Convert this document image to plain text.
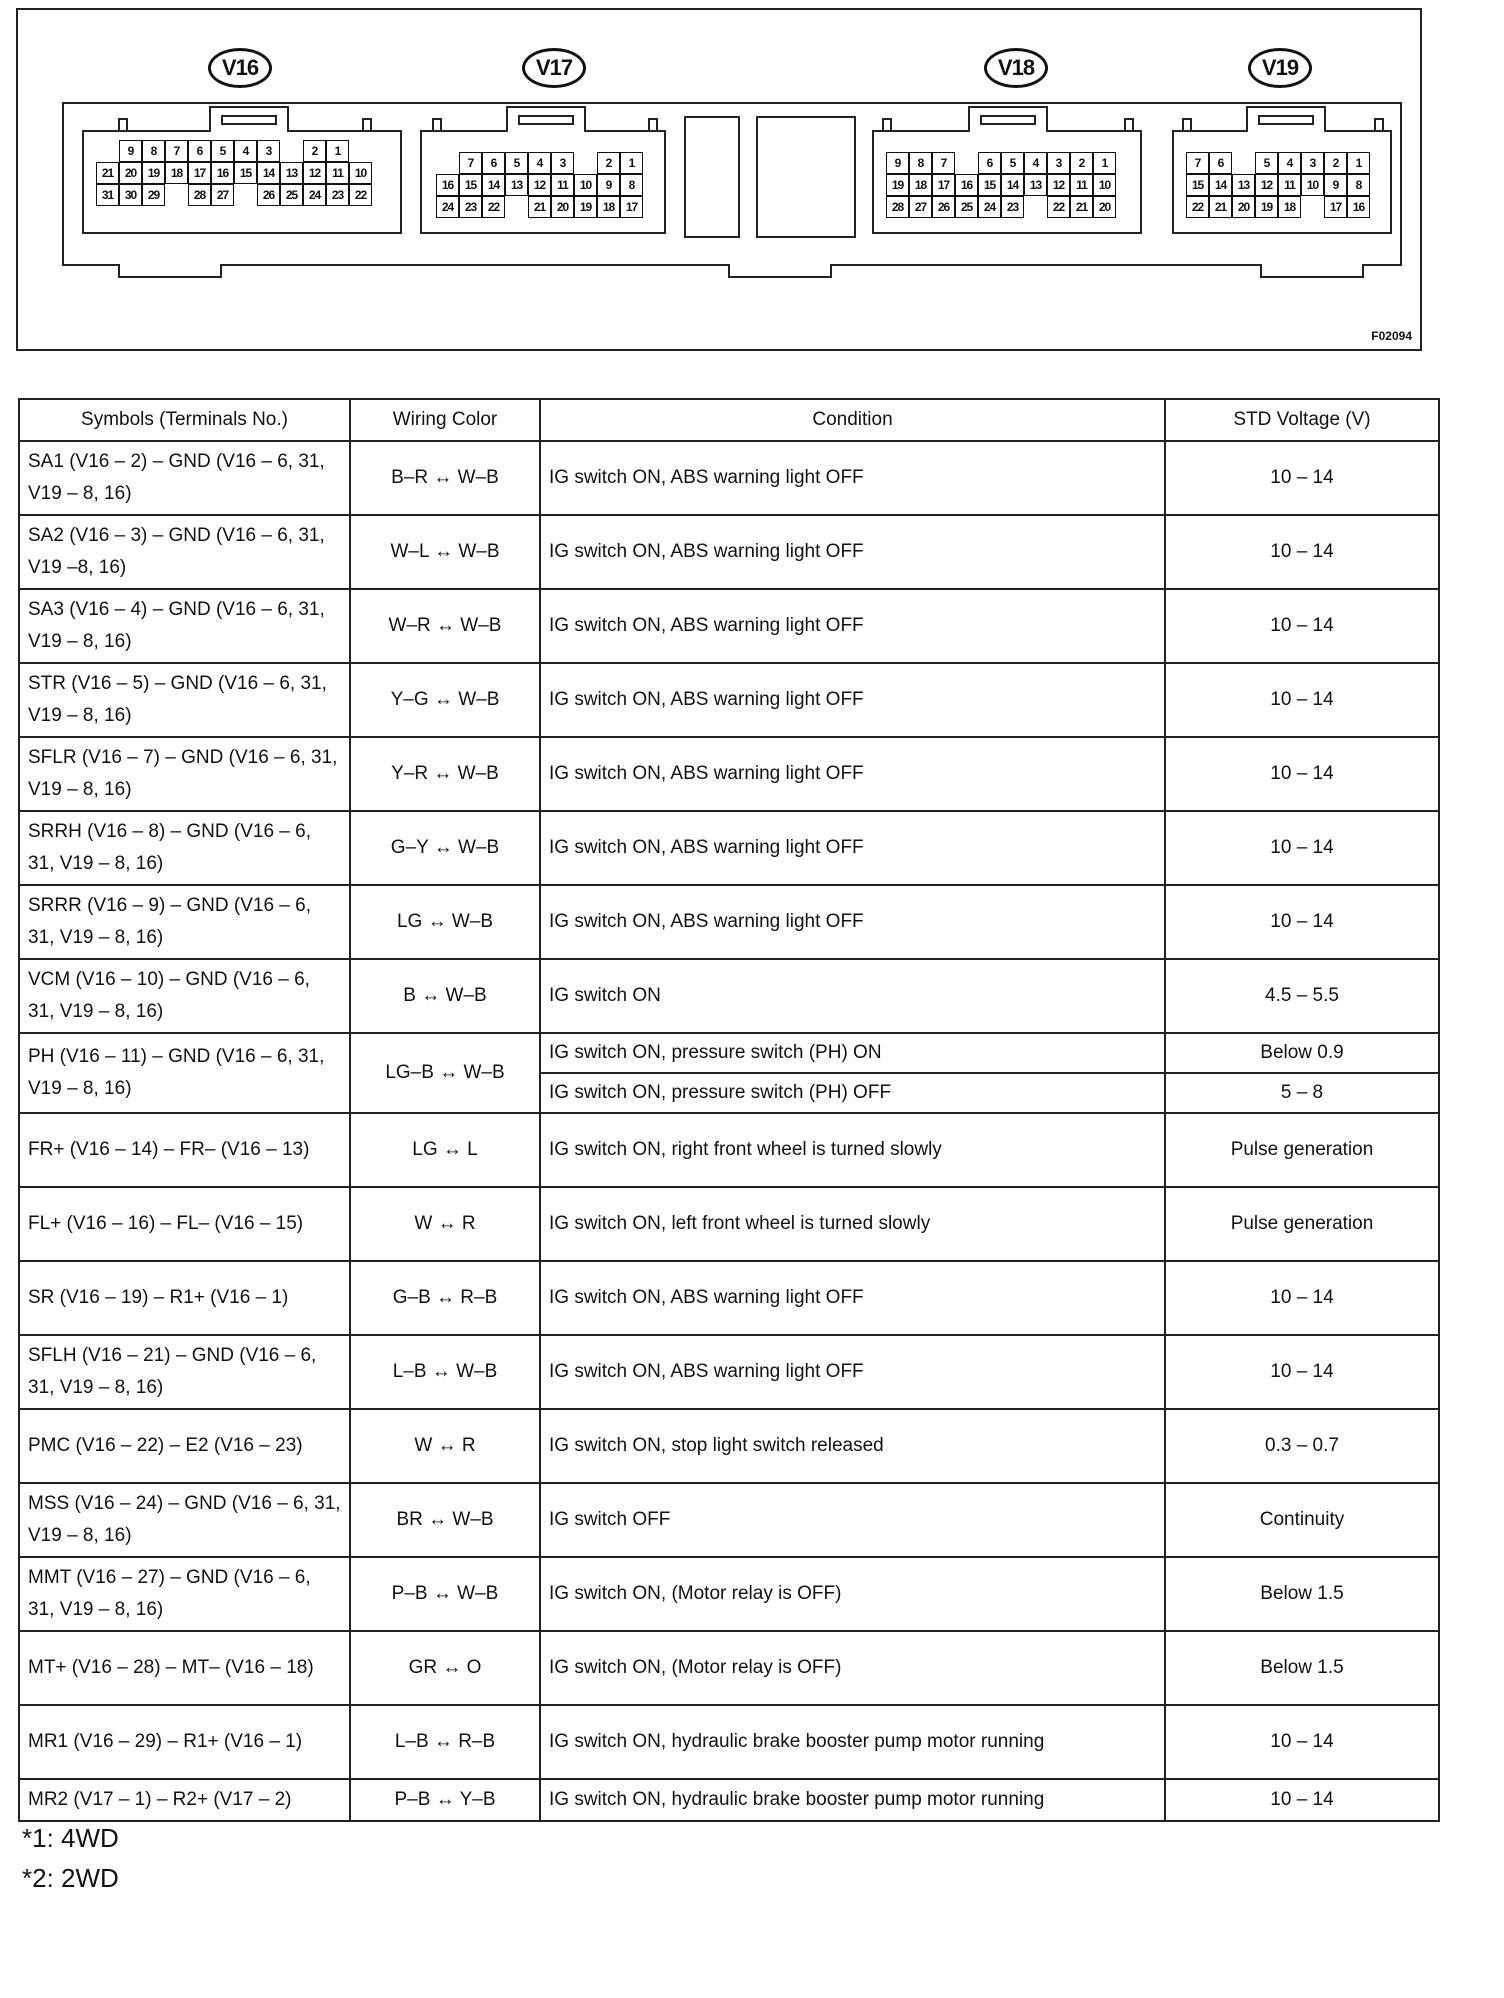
V16	V17	V18	V19
9	8	7	6	5	4	3	2	1
21 20 19 18 17 16 15 14 13 12 11 10
31 30 29	28 27	26 25 24 23 22
7	6	5	4	3	2	1
16 15 14 13 12 11 10	9	8
24 23 22	21 20 19 18 17
9	8	7	6	5	4	3	2	1
19 18 17 16 15 14 13 12 11 10
28 27 26 25 24 23	22 21 20
7	6	5	4	3	2	1
15 14 13 12 11 10	9	8
22 21 20 19 18	17 16
F02094
Symbols (Terminals No.)	Wiring Color	Condition	STD Voltage (V)
SA1 (V16 – 2) – GND (V16 – 6, 31, V19 – 8, 16)	B–R ↔ W–B	IG switch ON, ABS warning light OFF	10 – 14
SA2 (V16 – 3) – GND (V16 – 6, 31, V19 –8, 16)	W–L ↔ W–B	IG switch ON, ABS warning light OFF	10 – 14
SA3 (V16 – 4) – GND (V16 – 6, 31, V19 – 8, 16)	W–R ↔ W–B	IG switch ON, ABS warning light OFF	10 – 14
STR (V16 – 5) – GND (V16 – 6, 31, V19 – 8, 16)	Y–G ↔ W–B	IG switch ON, ABS warning light OFF	10 – 14
SFLR (V16 – 7) – GND (V16 – 6, 31, V19 – 8, 16)	Y–R ↔ W–B	IG switch ON, ABS warning light OFF	10 – 14
SRRH (V16 – 8) – GND (V16 – 6, 31, V19 – 8, 16)	G–Y ↔ W–B	IG switch ON, ABS warning light OFF	10 – 14
SRRR (V16 – 9) – GND (V16 – 6, 31, V19 – 8, 16)	LG ↔ W–B	IG switch ON, ABS warning light OFF	10 – 14
VCM (V16 – 10) – GND (V16 – 6, 31, V19 – 8, 16)	B ↔ W–B	IG switch ON	4.5 – 5.5
PH (V16 – 11) – GND (V16 – 6, 31, V19 – 8, 16)	LG–B ↔ W–B	IG switch ON, pressure switch (PH) ON	Below 0.9
		IG switch ON, pressure switch (PH) OFF	5 – 8
FR+ (V16 – 14) – FR– (V16 – 13)	LG ↔ L	IG switch ON, right front wheel is turned slowly	Pulse generation
FL+ (V16 – 16) – FL– (V16 – 15)	W ↔ R	IG switch ON, left front wheel is turned slowly	Pulse generation
SR (V16 – 19) – R1+ (V16 – 1)	G–B ↔ R–B	IG switch ON, ABS warning light OFF	10 – 14
SFLH (V16 – 21) – GND (V16 – 6, 31, V19 – 8, 16)	L–B ↔ W–B	IG switch ON, ABS warning light OFF	10 – 14
PMC (V16 – 22) – E2 (V16 – 23)	W ↔ R	IG switch ON, stop light switch released	0.3 – 0.7
MSS (V16 – 24) – GND (V16 – 6, 31, V19 – 8, 16)	BR ↔ W–B	IG switch OFF	Continuity
MMT (V16 – 27) – GND (V16 – 6, 31, V19 – 8, 16)	P–B ↔ W–B	IG switch ON, (Motor relay is OFF)	Below 1.5
MT+ (V16 – 28) – MT– (V16 – 18)	GR ↔ O	IG switch ON, (Motor relay is OFF)	Below 1.5
MR1 (V16 – 29) – R1+ (V16 – 1)	L–B ↔ R–B	IG switch ON, hydraulic brake booster pump motor running	10 – 14
MR2 (V17 – 1) – R2+ (V17 – 2)	P–B ↔ Y–B	IG switch ON, hydraulic brake booster pump motor running	10 – 14
*1: 4WD
*2: 2WD
